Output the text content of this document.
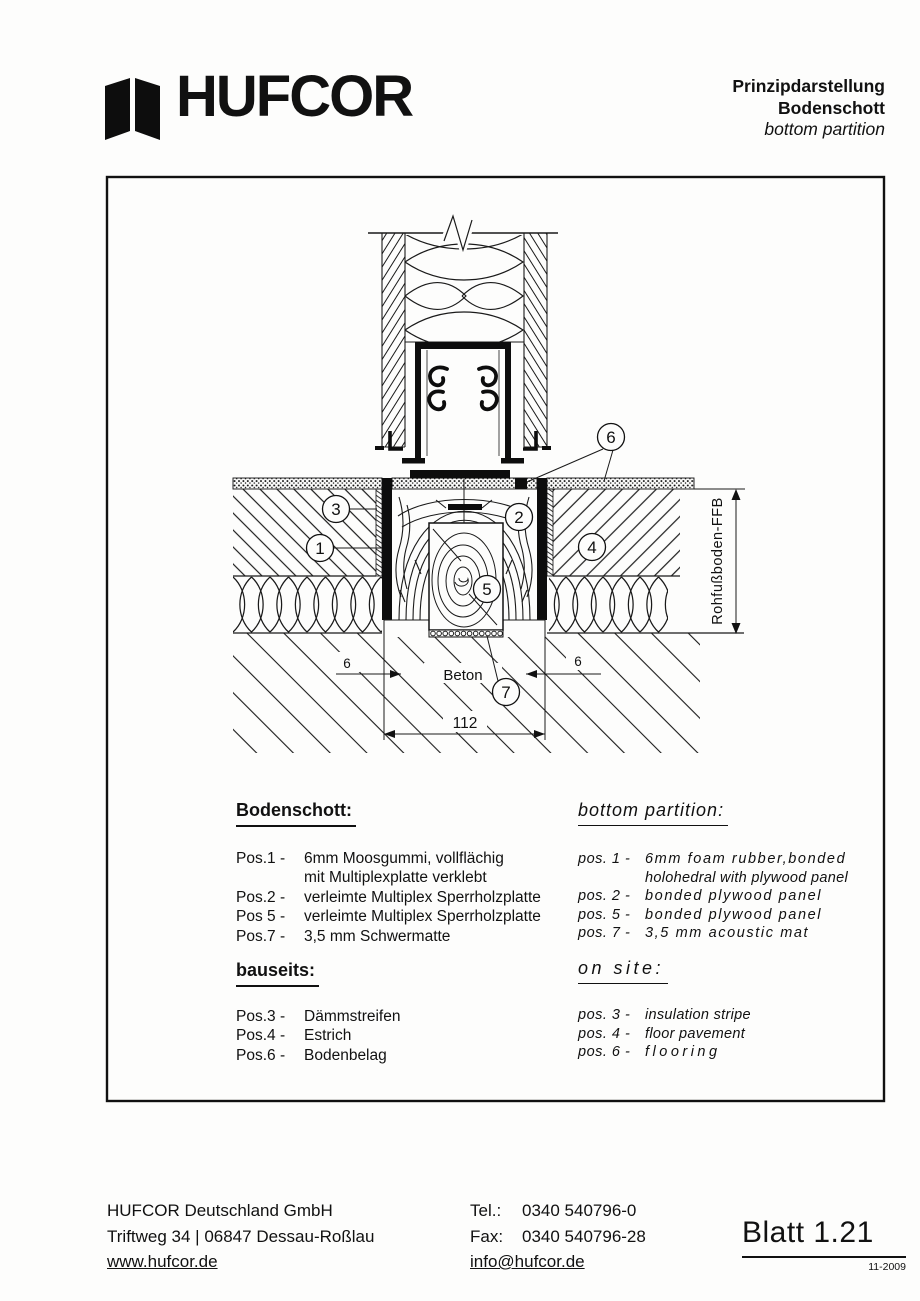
6	6
Beton
112
Rohfußboden-FFB
1
3	2
4
5
6
7
HUFCOR	Prinzipdarstellung
Bodenschott
bottom partition
Bodenschott:
Pos.1 -	6mm Moosgummi, vollflächig
mit Multiplexplatte verklebt
Pos.2 -	verleimte Multiplex Sperrholzplatte
Pos 5 -	verleimte Multiplex Sperrholzplatte
Pos.7 -	3,5 mm Schwermatte
bauseits:
Pos.3 -	Dämmstreifen
Pos.4 -	Estrich
Pos.6 -	Bodenbelag
bottom partition:
pos. 1 -	6mm foam rubber,bonded
holohedral with plywood panel
pos. 2 -	bonded plywood panel
pos. 5 -	bonded plywood panel
pos. 7 -	3,5 mm acoustic mat
on site:
pos. 3 -	insulation stripe
pos. 4 -	floor pavement
pos. 6 -	flooring
HUFCOR Deutschland GmbH
Triftweg 34 | 06847 Dessau-Roßlau
www.hufcor.de
Tel.:	0340 540796-0
Fax:	0340 540796-28
info@hufcor.de
Blatt 1.21
11-2009
